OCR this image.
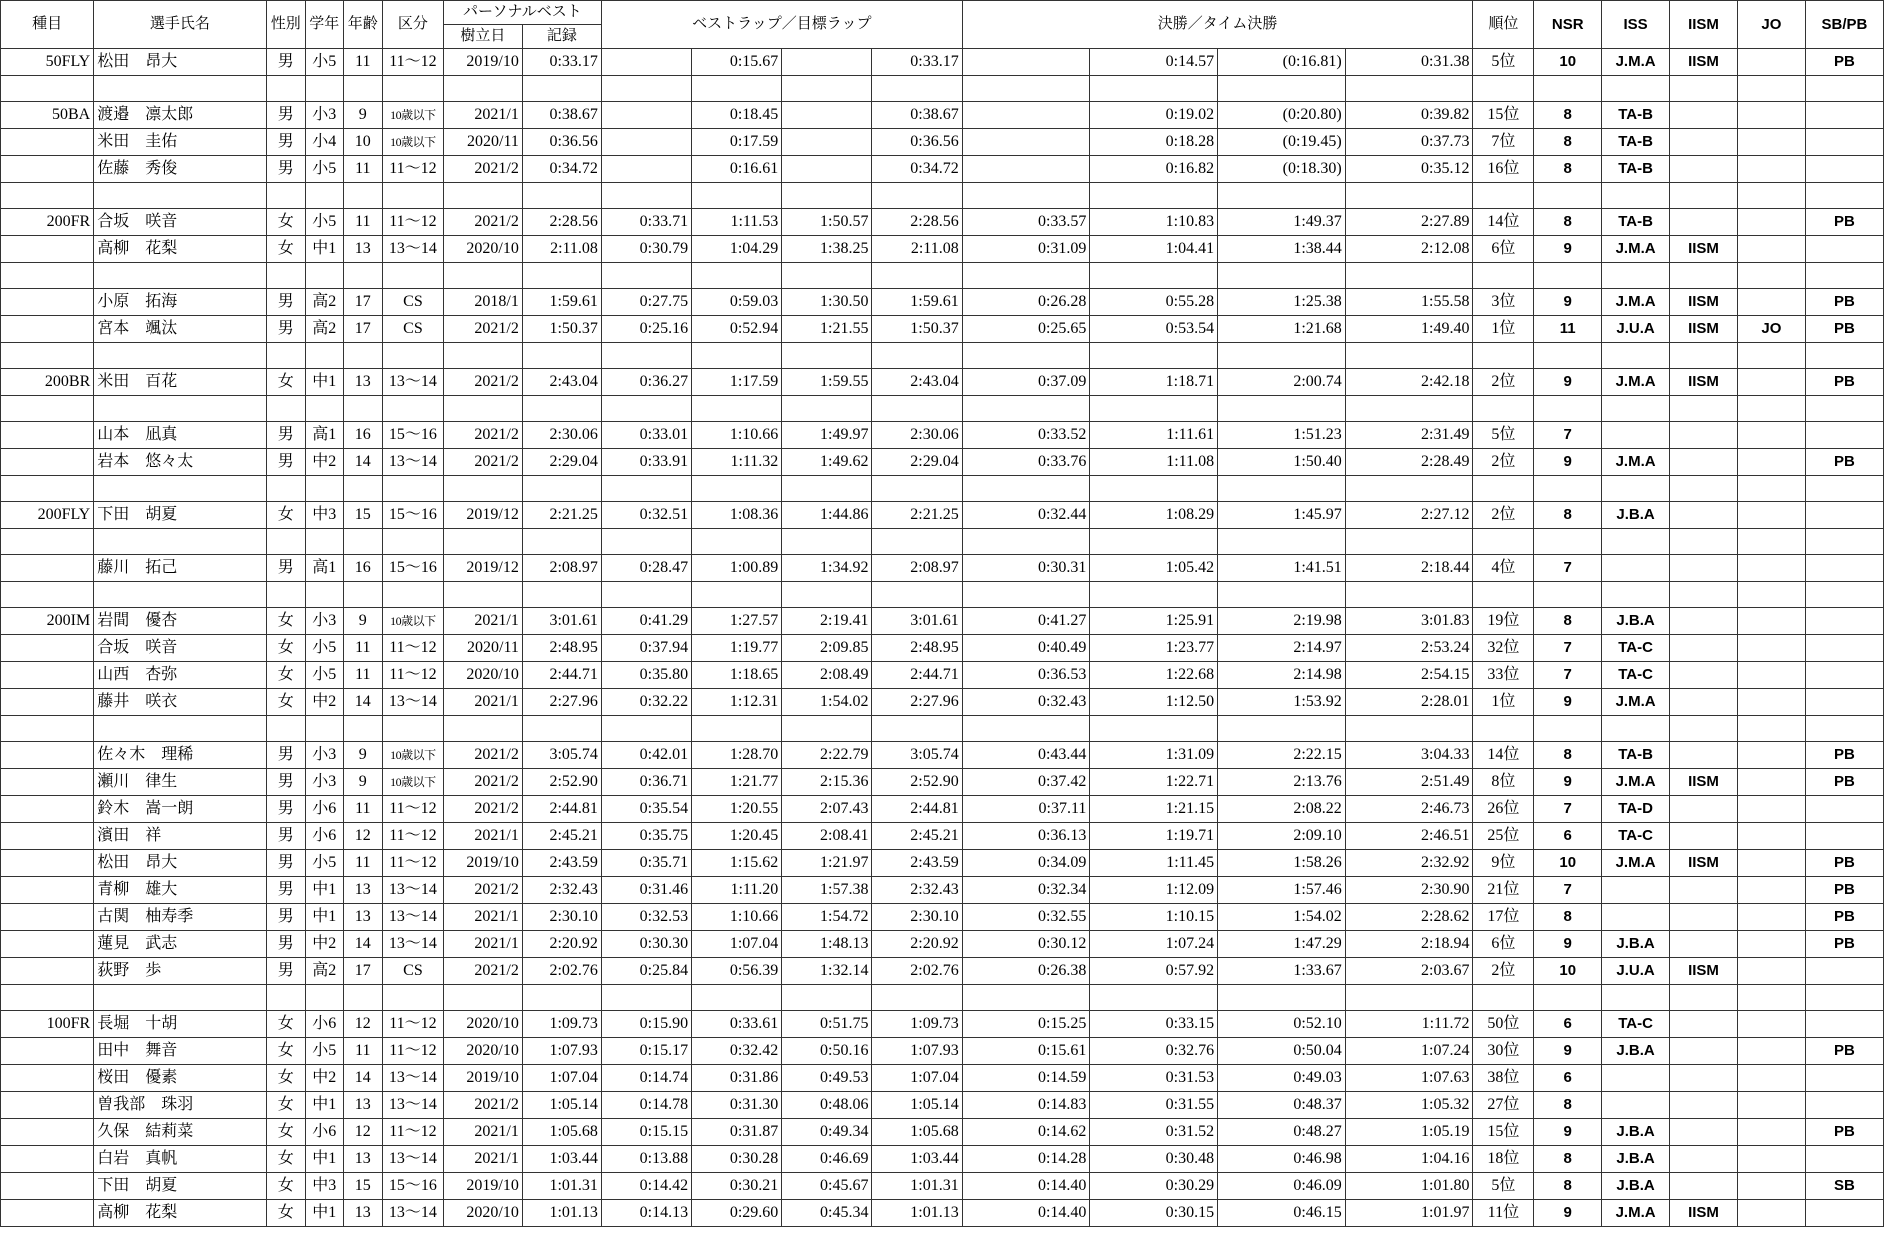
種目	選手氏名	性別	学年	年齢	区分	パーソナルベスト		ベストラップ／目標ラップ				決勝／タイム決勝				順位	NSR	ISS	IISM	JO	SB/PB
						樹立日	記録														
50FLY	松田　昂大	男	小5	11	11～12	2019/10	0:33.17		0:15.67		0:33.17		0:14.57	(0:16.81)	0:31.38	5位	10	J.M.A	IISM		PB

50BA	渡邉　凛太郎	男	小3	9	10歳以下	2021/1	0:38.67		0:18.45		0:38.67		0:19.02	(0:20.80)	0:39.82	15位	8	TA-B			
	米田　圭佑	男	小4	10	10歳以下	2020/11	0:36.56		0:17.59		0:36.56		0:18.28	(0:19.45)	0:37.73	7位	8	TA-B			
	佐藤　秀俊	男	小5	11	11～12	2021/2	0:34.72		0:16.61		0:34.72		0:16.82	(0:18.30)	0:35.12	16位	8	TA-B			

200FR	合坂　咲音	女	小5	11	11～12	2021/2	2:28.56	0:33.71	1:11.53	1:50.57	2:28.56	0:33.57	1:10.83	1:49.37	2:27.89	14位	8	TA-B			PB
	高柳　花梨	女	中1	13	13～14	2020/10	2:11.08	0:30.79	1:04.29	1:38.25	2:11.08	0:31.09	1:04.41	1:38.44	2:12.08	6位	9	J.M.A	IISM		

	小原　拓海	男	高2	17	CS	2018/1	1:59.61	0:27.75	0:59.03	1:30.50	1:59.61	0:26.28	0:55.28	1:25.38	1:55.58	3位	9	J.M.A	IISM		PB
	宮本　颯汰	男	高2	17	CS	2021/2	1:50.37	0:25.16	0:52.94	1:21.55	1:50.37	0:25.65	0:53.54	1:21.68	1:49.40	1位	11	J.U.A	IISM	JO	PB

200BR	米田　百花	女	中1	13	13～14	2021/2	2:43.04	0:36.27	1:17.59	1:59.55	2:43.04	0:37.09	1:18.71	2:00.74	2:42.18	2位	9	J.M.A	IISM		PB

	山本　凪真	男	高1	16	15～16	2021/2	2:30.06	0:33.01	1:10.66	1:49.97	2:30.06	0:33.52	1:11.61	1:51.23	2:31.49	5位	7				
	岩本　悠々太	男	中2	14	13～14	2021/2	2:29.04	0:33.91	1:11.32	1:49.62	2:29.04	0:33.76	1:11.08	1:50.40	2:28.49	2位	9	J.M.A			PB

200FLY	下田　胡夏	女	中3	15	15～16	2019/12	2:21.25	0:32.51	1:08.36	1:44.86	2:21.25	0:32.44	1:08.29	1:45.97	2:27.12	2位	8	J.B.A			

	藤川　拓己	男	高1	16	15～16	2019/12	2:08.97	0:28.47	1:00.89	1:34.92	2:08.97	0:30.31	1:05.42	1:41.51	2:18.44	4位	7				

200IM	岩間　優杏	女	小3	9	10歳以下	2021/1	3:01.61	0:41.29	1:27.57	2:19.41	3:01.61	0:41.27	1:25.91	2:19.98	3:01.83	19位	8	J.B.A			
	合坂　咲音	女	小5	11	11～12	2020/11	2:48.95	0:37.94	1:19.77	2:09.85	2:48.95	0:40.49	1:23.77	2:14.97	2:53.24	32位	7	TA-C			
	山西　杏弥	女	小5	11	11～12	2020/10	2:44.71	0:35.80	1:18.65	2:08.49	2:44.71	0:36.53	1:22.68	2:14.98	2:54.15	33位	7	TA-C			
	藤井　咲衣	女	中2	14	13～14	2021/1	2:27.96	0:32.22	1:12.31	1:54.02	2:27.96	0:32.43	1:12.50	1:53.92	2:28.01	1位	9	J.M.A			

	佐々木　理稀	男	小3	9	10歳以下	2021/2	3:05.74	0:42.01	1:28.70	2:22.79	3:05.74	0:43.44	1:31.09	2:22.15	3:04.33	14位	8	TA-B			PB
	瀬川　律生	男	小3	9	10歳以下	2021/2	2:52.90	0:36.71	1:21.77	2:15.36	2:52.90	0:37.42	1:22.71	2:13.76	2:51.49	8位	9	J.M.A	IISM		PB
	鈴木　嵩一朗	男	小6	11	11～12	2021/2	2:44.81	0:35.54	1:20.55	2:07.43	2:44.81	0:37.11	1:21.15	2:08.22	2:46.73	26位	7	TA-D			
	濱田　祥	男	小6	12	11～12	2021/1	2:45.21	0:35.75	1:20.45	2:08.41	2:45.21	0:36.13	1:19.71	2:09.10	2:46.51	25位	6	TA-C			
	松田　昂大	男	小5	11	11～12	2019/10	2:43.59	0:35.71	1:15.62	1:21.97	2:43.59	0:34.09	1:11.45	1:58.26	2:32.92	9位	10	J.M.A	IISM		PB
	青柳　雄大	男	中1	13	13～14	2021/2	2:32.43	0:31.46	1:11.20	1:57.38	2:32.43	0:32.34	1:12.09	1:57.46	2:30.90	21位	7				PB
	古関　柚寿季	男	中1	13	13～14	2021/1	2:30.10	0:32.53	1:10.66	1:54.72	2:30.10	0:32.55	1:10.15	1:54.02	2:28.62	17位	8				PB
	蓮見　武志	男	中2	14	13～14	2021/1	2:20.92	0:30.30	1:07.04	1:48.13	2:20.92	0:30.12	1:07.24	1:47.29	2:18.94	6位	9	J.B.A			PB
	荻野　歩	男	高2	17	CS	2021/2	2:02.76	0:25.84	0:56.39	1:32.14	2:02.76	0:26.38	0:57.92	1:33.67	2:03.67	2位	10	J.U.A	IISM		

100FR	長堀　十胡	女	小6	12	11～12	2020/10	1:09.73	0:15.90	0:33.61	0:51.75	1:09.73	0:15.25	0:33.15	0:52.10	1:11.72	50位	6	TA-C			
	田中　舞音	女	小5	11	11～12	2020/10	1:07.93	0:15.17	0:32.42	0:50.16	1:07.93	0:15.61	0:32.76	0:50.04	1:07.24	30位	9	J.B.A			PB
	桜田　優素	女	中2	14	13～14	2019/10	1:07.04	0:14.74	0:31.86	0:49.53	1:07.04	0:14.59	0:31.53	0:49.03	1:07.63	38位	6				
	曽我部　珠羽	女	中1	13	13～14	2021/2	1:05.14	0:14.78	0:31.30	0:48.06	1:05.14	0:14.83	0:31.55	0:48.37	1:05.32	27位	8				
	久保　結莉菜	女	小6	12	11～12	2021/1	1:05.68	0:15.15	0:31.87	0:49.34	1:05.68	0:14.62	0:31.52	0:48.27	1:05.19	15位	9	J.B.A			PB
	白岩　真帆	女	中1	13	13～14	2021/1	1:03.44	0:13.88	0:30.28	0:46.69	1:03.44	0:14.28	0:30.48	0:46.98	1:04.16	18位	8	J.B.A			
	下田　胡夏	女	中3	15	15～16	2019/10	1:01.31	0:14.42	0:30.21	0:45.67	1:01.31	0:14.40	0:30.29	0:46.09	1:01.80	5位	8	J.B.A			SB
	高柳　花梨	女	中1	13	13～14	2020/10	1:01.13	0:14.13	0:29.60	0:45.34	1:01.13	0:14.40	0:30.15	0:46.15	1:01.97	11位	9	J.M.A	IISM		
